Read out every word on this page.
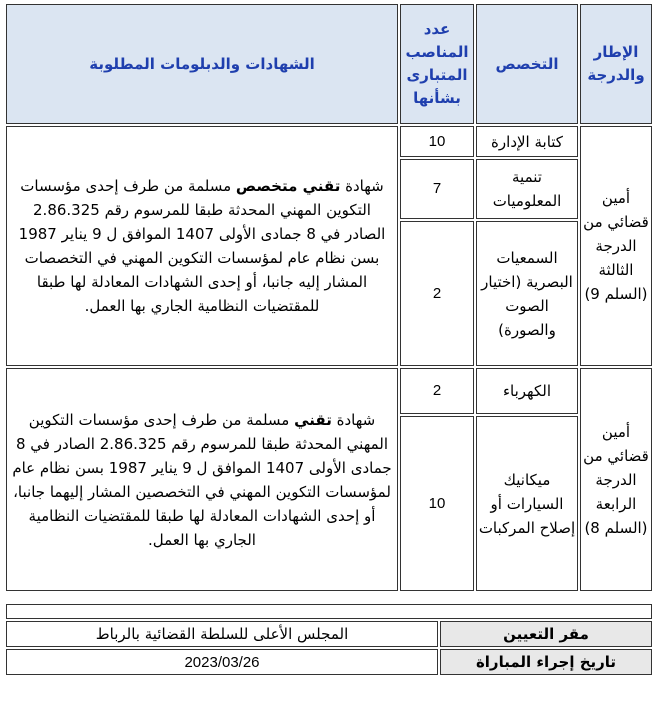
الإطار والدرجة	التخصص	عدد المناصب المتبارى بشأنها	الشهادات والدبلومات المطلوبة
أمين قضائي من الدرجة الثالثة (السلم 9)	كتابة الإدارة	10	شهادة تقني متخصص مسلمة من طرف إحدى مؤسسات التكوين المهني المحدثة طبقا للمرسوم رقم 2.86.325 الصادر في 8 جمادى الأولى 1407 الموافق ل 9 يناير 1987 بسن نظام عام لمؤسسات التكوين المهني في التخصصات المشار إليه جانبا، أو إحدى الشهادات المعادلة لها طبقا للمقتضيات النظامية الجاري بها العمل.
	تنمية المعلوميات	7	
	السمعيات البصرية (اختيار الصوت والصورة)	2	
أمين قضائي من الدرجة الرابعة (السلم 8)	الكهرباء	2	شهادة تقني مسلمة من طرف إحدى مؤسسات التكوين المهني المحدثة طبقا للمرسوم رقم 2.86.325 الصادر في 8 جمادى الأولى 1407 الموافق ل 9 يناير 1987 بسن نظام عام لمؤسسات التكوين المهني في التخصصين المشار إليهما جانبا، أو إحدى الشهادات المعادلة لها طبقا للمقتضيات النظامية الجاري بها العمل.
	ميكانيك السيارات أو إصلاح المركبات	10	

مقر التعيين	المجلس الأعلى للسلطة القضائية بالرباط
تاريخ إجراء المباراة	2023/03/26
